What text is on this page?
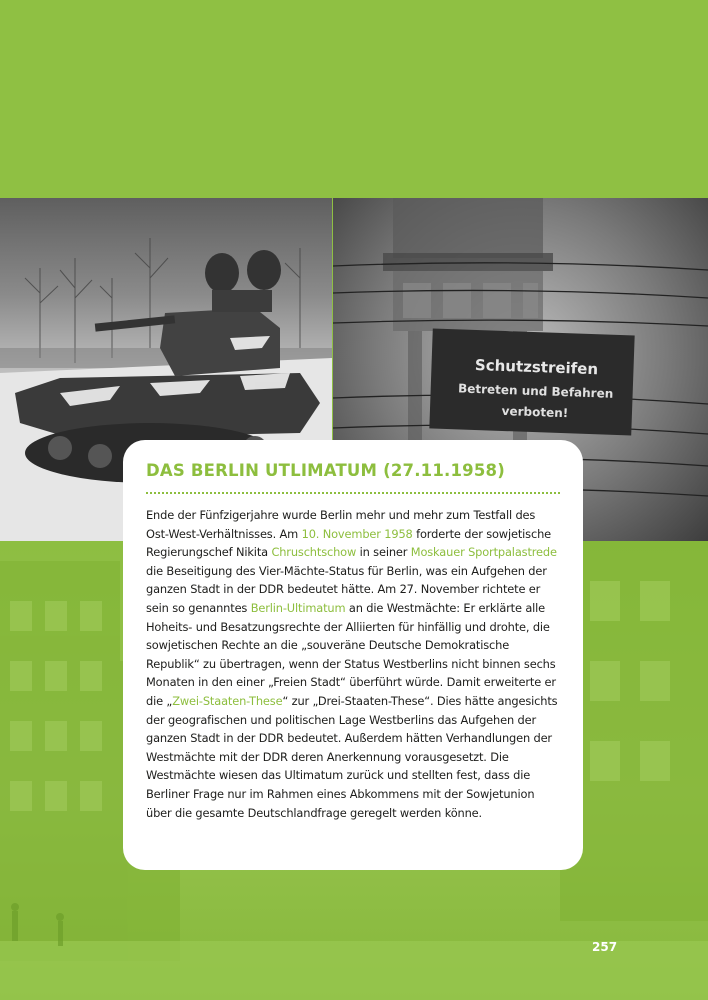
Schutzstreifen
Betreten und Befahren
verboten!
DAS BERLIN UTLIMATUM (27.11.1958)

Ende der Fünfzigerjahre wurde Berlin mehr und mehr zum Testfall des Ost-West-Verhältnisses. Am 10. November 1958 forderte der sowjetische Regierungschef Nikita Chruschtschow in seiner Moskauer Sportpalastrede die Beseitigung des Vier-Mächte-Status für Berlin, was ein Aufgehen der ganzen Stadt in der DDR bedeutet hätte. Am 27. November richtete er sein so genanntes Berlin-Ultimatum an die Westmächte: Er erklärte alle Hoheits- und Besatzungsrechte der Alliierten für hinfällig und drohte, die sowjetischen Rechte an die „souveräne Deutsche Demokratische Republik“ zu übertragen, wenn der Status Westberlins nicht binnen sechs Monaten in den einer „Freien Stadt“ überführt würde. Damit erweiterte er die „Zwei-Staaten-These“ zur „Drei-Staaten-These“. Dies hätte angesichts der geografischen und politischen Lage Westberlins das Aufgehen der ganzen Stadt in der DDR bedeutet. Außerdem hätten Verhandlungen der Westmächte mit der DDR deren Anerkennung vorausgesetzt. Die Westmächte wiesen das Ultimatum zurück und stellten fest, dass die Berliner Frage nur im Rahmen eines Abkommens mit der Sowjetunion über die gesamte Deutschlandfrage geregelt werden könne.

257
